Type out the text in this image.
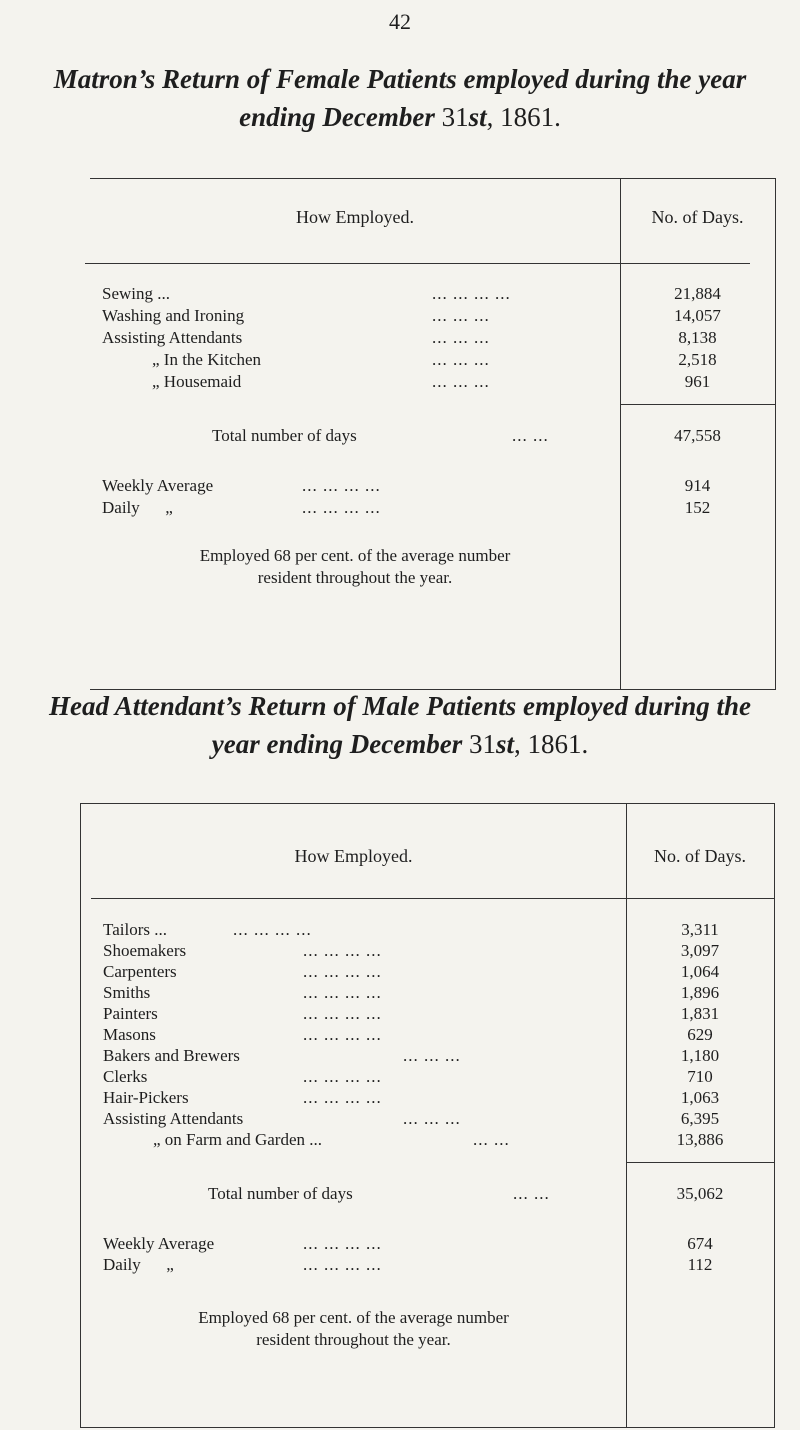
42
Matron’s Return of Female Patients employed during the year
ending December 31st, 1861.
How Employed.	No. of Days.
Sewing ...	... ... ... ...	21,884
Washing and Ironing	... ... ...	14,057
Assisting Attendants	... ... ...	8,138
„ In the Kitchen	... ... ...	2,518
„ Housemaid	... ... ...	961
Total number of days	... ...	47,558
Weekly Average	... ... ... ...	914
Daily      „	... ... ... ...	152
Employed 68 per cent. of the average number
resident throughout the year.
Head Attendant’s Return of Male Patients employed during the
year ending December 31st, 1861.
How Employed.	No. of Days.
Tailors ...	... ... ... ...	3,311
Shoemakers	... ... ... ...	3,097
Carpenters	... ... ... ...	1,064
Smiths	... ... ... ...	1,896
Painters	... ... ... ...	1,831
Masons	... ... ... ...	629
Bakers and Brewers	... ... ...	1,180
Clerks	... ... ... ...	710
Hair-Pickers	... ... ... ...	1,063
Assisting Attendants	... ... ...	6,395
„ on Farm and Garden ...	... ...	13,886
Total number of days	... ...	35,062
Weekly Average	... ... ... ...	674
Daily      „	... ... ... ...	112
Employed 68 per cent. of the average number
resident throughout the year.
